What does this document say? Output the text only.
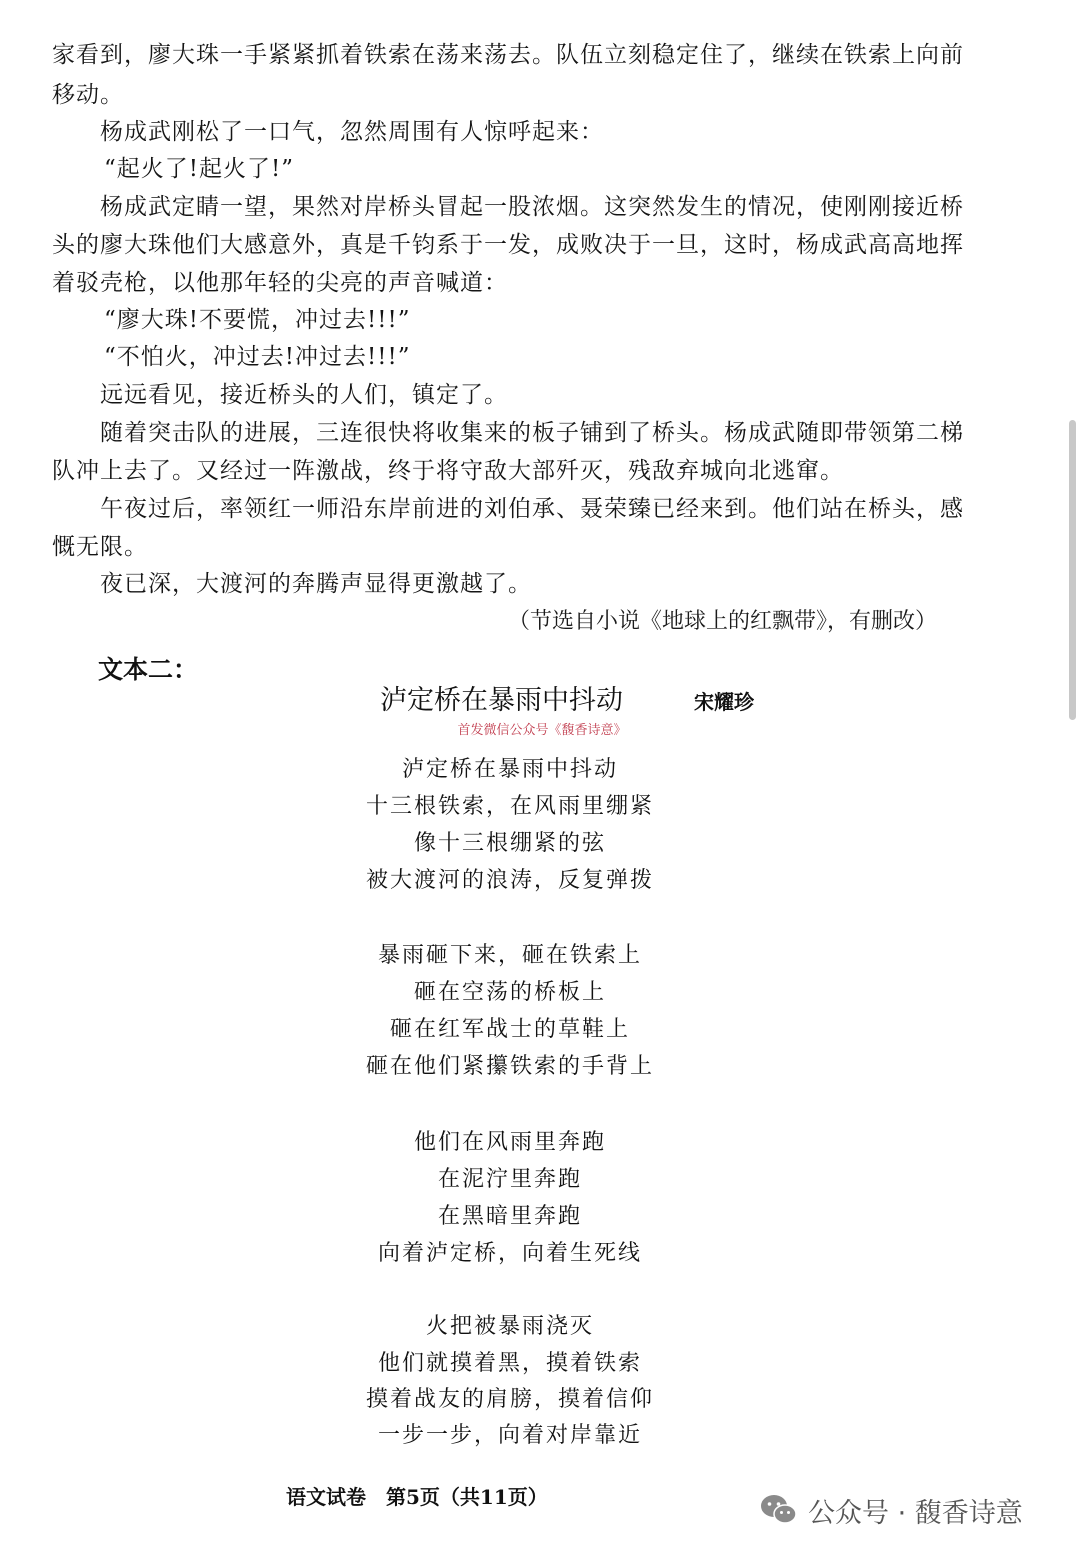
家看到，廖大珠一手紧紧抓着铁索在荡来荡去。队伍立刻稳定住了，继续在铁索上向前
移动。
杨成武刚松了一口气，忽然周围有人惊呼起来：
“起火了!起火了!”
杨成武定睛一望，果然对岸桥头冒起一股浓烟。这突然发生的情况，使刚刚接近桥
头的廖大珠他们大感意外，真是千钧系于一发，成败决于一旦，这时，杨成武高高地挥
着驳壳枪，以他那年轻的尖亮的声音喊道：
“廖大珠!不要慌，冲过去!!!”
“不怕火，冲过去!冲过去!!!”
远远看见，接近桥头的人们，镇定了。
随着突击队的进展，三连很快将收集来的板子铺到了桥头。杨成武随即带领第二梯
队冲上去了。又经过一阵激战，终于将守敌大部歼灭，残敌弃城向北逃窜。
午夜过后，率领红一师沿东岸前进的刘伯承、聂荣臻已经来到。他们站在桥头，感
慨无限。
夜已深，大渡河的奔腾声显得更激越了。
（节选自小说《地球上的红飘带》，有删改）
文本二：
泸定桥在暴雨中抖动	宋耀珍
首发微信公众号《馥香诗意》
泸定桥在暴雨中抖动
十三根铁索，在风雨里绷紧
像十三根绷紧的弦
被大渡河的浪涛，反复弹拨
暴雨砸下来，砸在铁索上
砸在空荡的桥板上
砸在红军战士的草鞋上
砸在他们紧攥铁索的手背上
他们在风雨里奔跑
在泥泞里奔跑
在黑暗里奔跑
向着泸定桥，向着生死线
火把被暴雨浇灭
他们就摸着黑，摸着铁索
摸着战友的肩膀，摸着信仰
一步一步，向着对岸靠近
语文试卷　第5页（共11页）
公众号 · 馥香诗意
